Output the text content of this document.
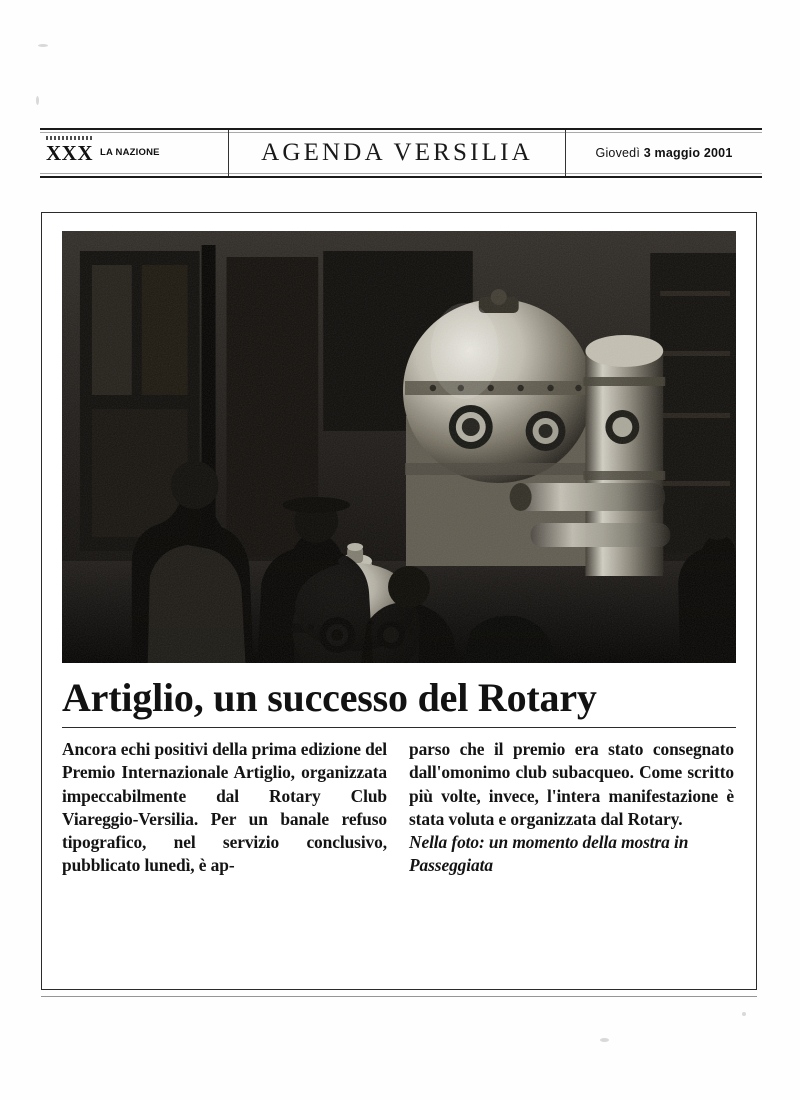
XXX LA NAZIONE	AGENDA VERSILIA	Giovedì 3 maggio 2001
Artiglio, un successo del Rotary

Ancora echi positivi della prima edizione del Premio Internazionale Artiglio, organizzata impeccabilmente dal Rotary Club Viareggio-Versilia. Per un banale refuso tipografico, nel servizio conclusivo, pubblicato lunedì, è ap-

parso che il premio era stato consegnato dall'omonimo club subacqueo. Come scritto più volte, invece, l'intera manifestazione è stata voluta e organizzata dal Rotary.

Nella foto: un momento della mostra in Passeggiata
